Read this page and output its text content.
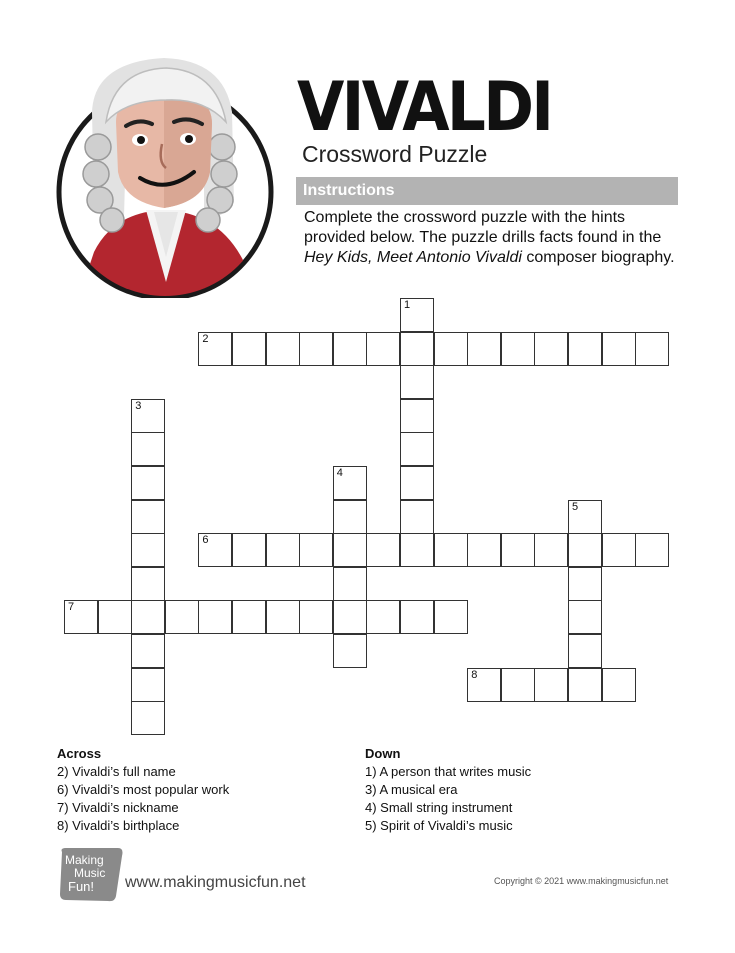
VIVALDI
Crossword Puzzle
Instructions

Complete the crossword puzzle with the hints provided below. The puzzle drills facts found in the Hey Kids, Meet Antonio Vivaldi composer biography.

1
2
3
4
5
6
7
8
Across
2) Vivaldi’s full name
6) Vivaldi’s most popular work
7) Vivaldi’s nickname
8) Vivaldi’s birthplace
Down
1) A person that writes music
3) A musical era
4) Small string instrument
5) Spirit of Vivaldi’s music
Making
Music
Fun! www.makingmusicfun.net	Copyright © 2021 www.makingmusicfun.net
